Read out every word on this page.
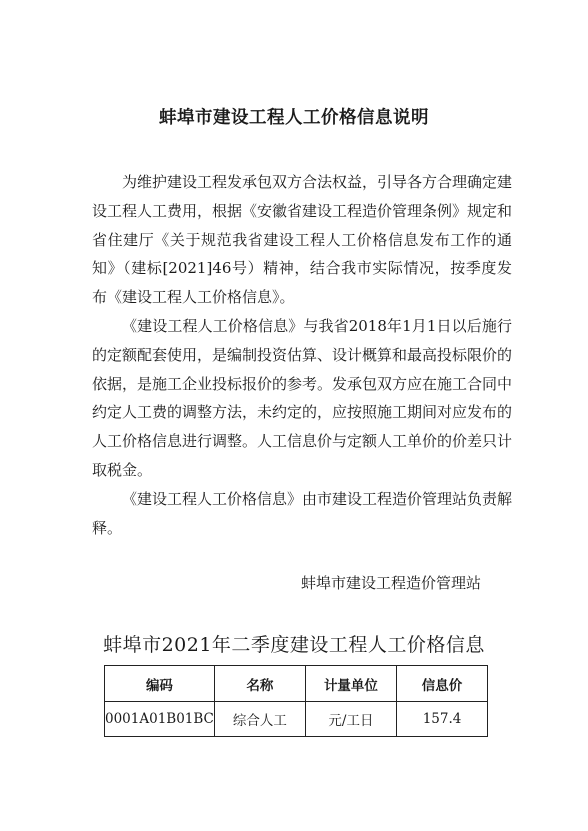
蚌埠市建设工程人工价格信息说明

为维护建设工程发承包双方合法权益，引导各方合理确定建设工程人工费用，根据《安徽省建设工程造价管理条例》规定和省住建厅《关于规范我省建设工程人工价格信息发布工作的通知》（建标[2021]46号）精神，结合我市实际情况，按季度发布《建设工程人工价格信息》。

《建设工程人工价格信息》与我省2018年1月1日以后施行的定额配套使用，是编制投资估算、设计概算和最高投标限价的依据，是施工企业投标报价的参考。发承包双方应在施工合同中约定人工费的调整方法，未约定的，应按照施工期间对应发布的人工价格信息进行调整。人工信息价与定额人工单价的价差只计取税金。

《建设工程人工价格信息》由市建设工程造价管理站负责解释。

蚌埠市建设工程造价管理站
蚌埠市2021年二季度建设工程人工价格信息
编码	名称	计量单位	信息价
0001A01B01BC	综合人工	元/工日	157.4
